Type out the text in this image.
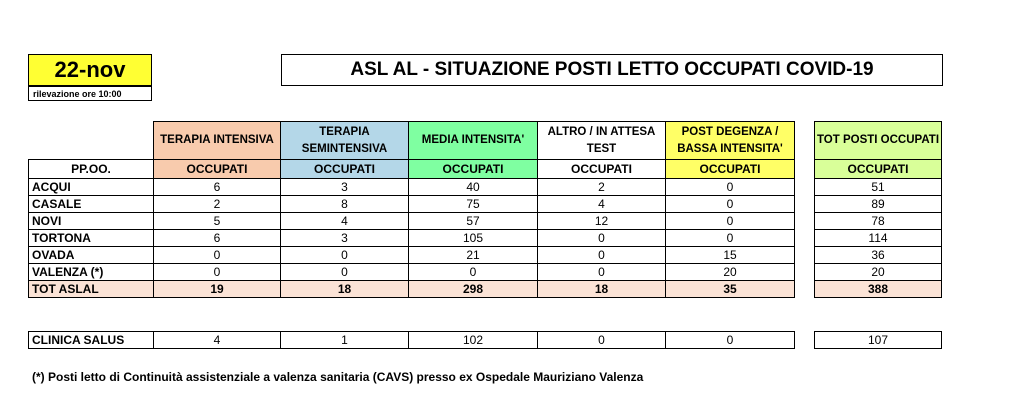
22-nov
rilevazione ore 10:00
ASL AL - SITUAZIONE POSTI LETTO OCCUPATI COVID-19
	TERAPIA INTENSIVA	TERAPIA SEMINTENSIVA	MEDIA INTENSITA'	ALTRO / IN ATTESA TEST	POST DEGENZA / BASSA INTENSITA'		TOT POSTI OCCUPATI
PP.OO.	OCCUPATI	OCCUPATI	OCCUPATI	OCCUPATI	OCCUPATI		OCCUPATI
ACQUI	6	3	40	2	0		51
CASALE	2	8	75	4	0		89
NOVI	5	4	57	12	0		78
TORTONA	6	3	105	0	0		114
OVADA	0	0	21	0	15		36
VALENZA (*)	0	0	0	0	20		20
TOT ASLAL	19	18	298	18	35		388
CLINICA SALUS	4	1	102	0	0		107
(*) Posti letto di Continuità assistenziale a valenza sanitaria (CAVS) presso ex Ospedale Mauriziano Valenza
